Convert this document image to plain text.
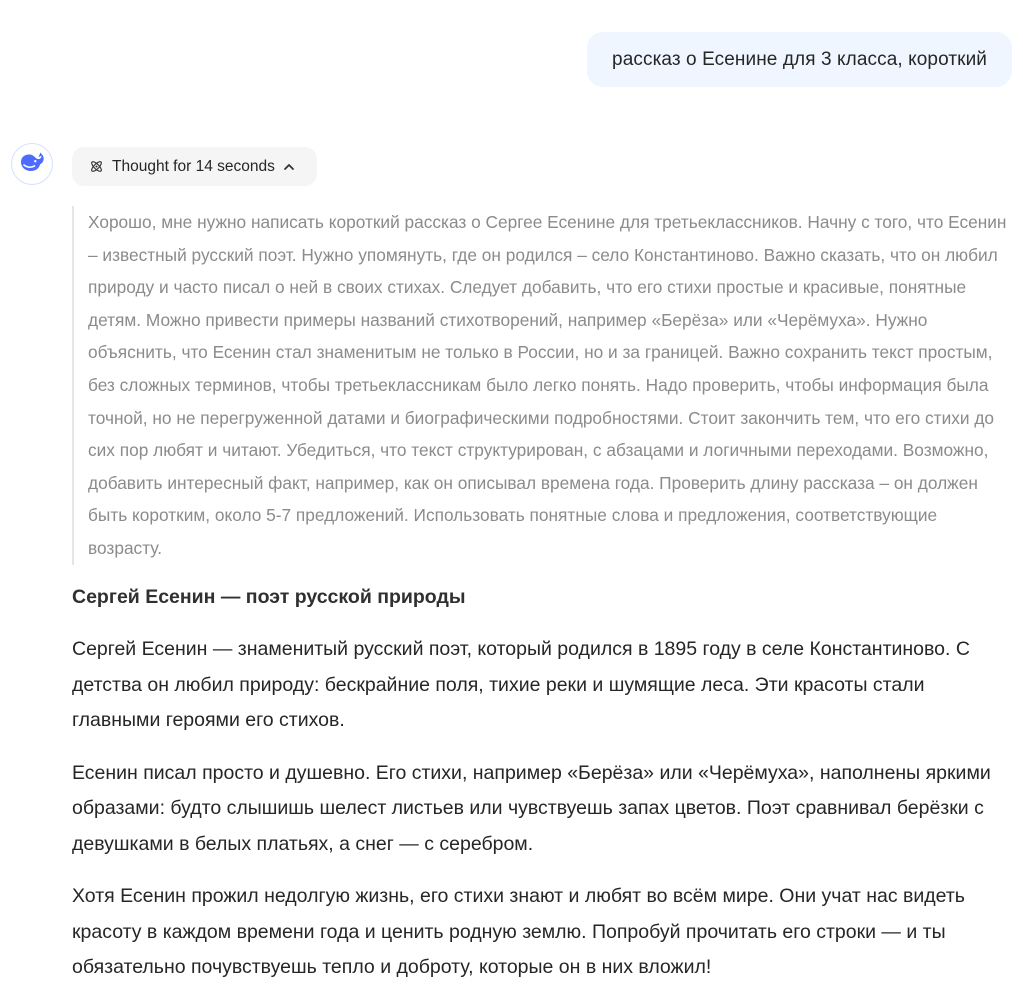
рассказ о Есенине для 3 класса, короткий
Thought for 14 seconds
Хорошо, мне нужно написать короткий рассказ о Сергее Есенине для третьеклассников. Начну с того, что Есенин – известный русский поэт. Нужно упомянуть, где он родился – село Константиново. Важно сказать, что он любил природу и часто писал о ней в своих стихах. Следует добавить, что его стихи простые и красивые, понятные детям. Можно привести примеры названий стихотворений, например «Берёза» или «Черёмуха». Нужно объяснить, что Есенин стал знаменитым не только в России, но и за границей. Важно сохранить текст простым, без сложных терминов, чтобы третьеклассникам было легко понять. Надо проверить, чтобы информация была точной, но не перегруженной датами и биографическими подробностями. Стоит закончить тем, что его стихи до сих пор любят и читают. Убедиться, что текст структурирован, с абзацами и логичными переходами. Возможно, добавить интересный факт, например, как он описывал времена года. Проверить длину рассказа – он должен быть коротким, около 5-7 предложений. Использовать понятные слова и предложения, соответствующие возрасту.
Сергей Есенин — поэт русской природы

Сергей Есенин — знаменитый русский поэт, который родился в 1895 году в селе Константиново. С детства он любил природу: бескрайние поля, тихие реки и шумящие леса. Эти красоты стали главными героями его стихов.

Есенин писал просто и душевно. Его стихи, например «Берёза» или «Черёмуха», наполнены яркими образами: будто слышишь шелест листьев или чувствуешь запах цветов. Поэт сравнивал берёзки с девушками в белых платьях, а снег — с серебром.

Хотя Есенин прожил недолгую жизнь, его стихи знают и любят во всём мире. Они учат нас видеть красоту в каждом времени года и ценить родную землю. Попробуй прочитать его строки — и ты обязательно почувствуешь тепло и доброту, которые он в них вложил!
